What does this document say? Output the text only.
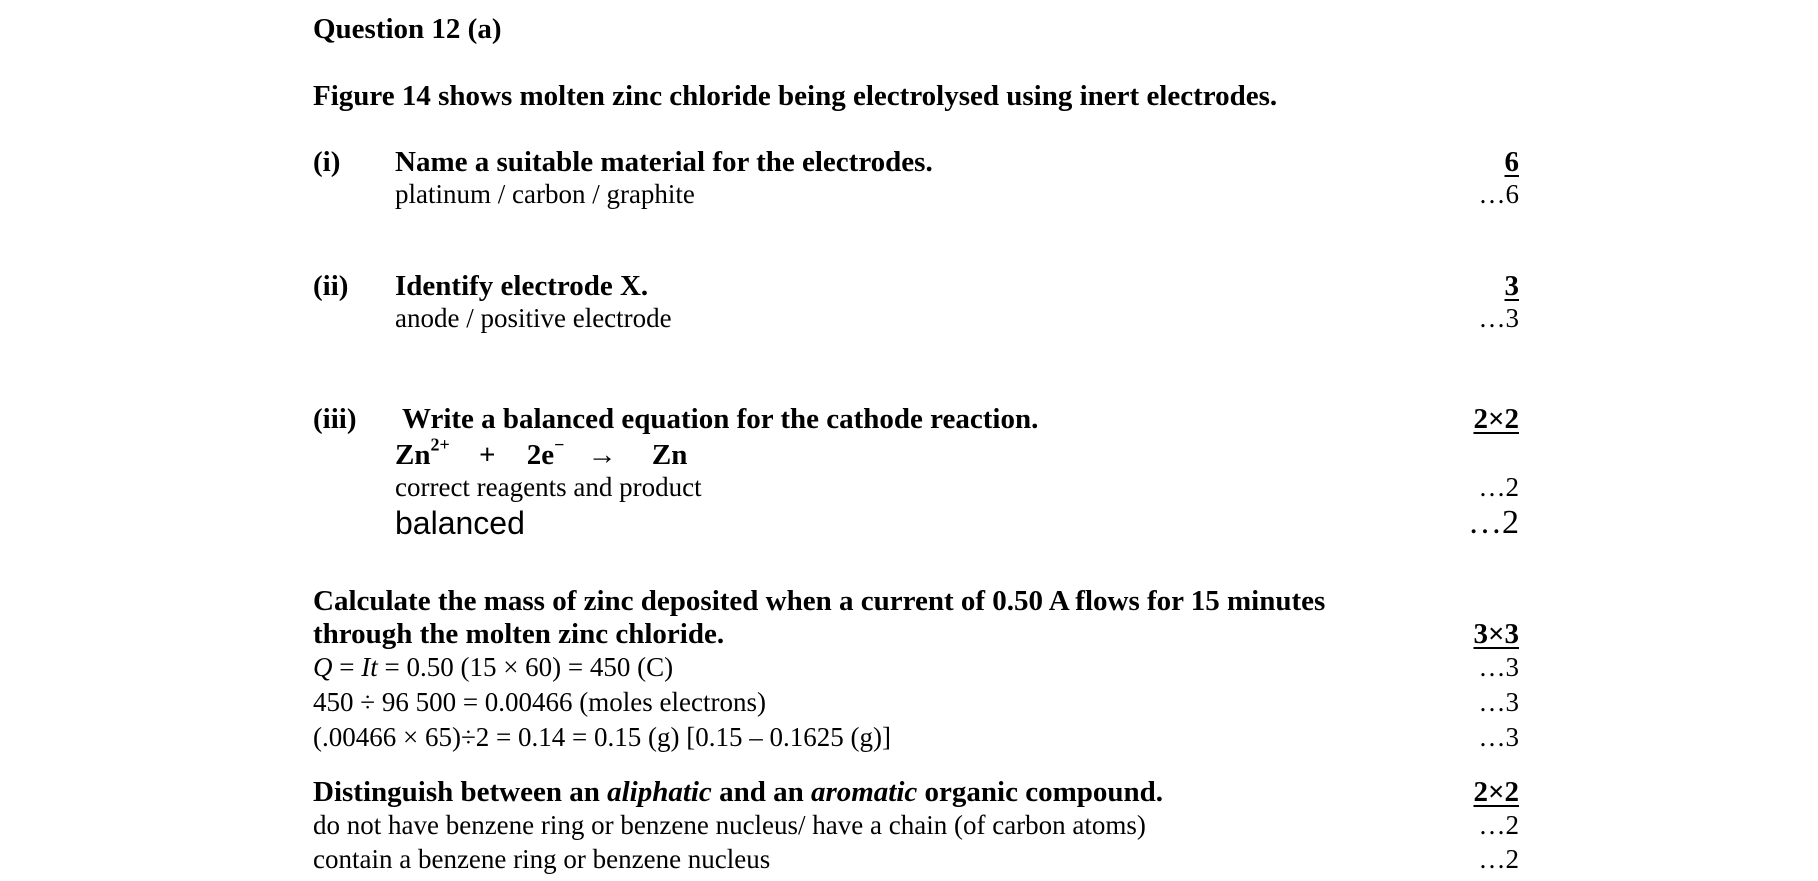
Question 12 (a)
Figure 14 shows molten zinc chloride being electrolysed using inert electrodes.
(i) Name a suitable material for the electrodes.	6
platinum / carbon / graphite	…6
(ii) Identify electrode X.	3
anode / positive electrode	…3
(iii) Write a balanced equation for the cathode reaction.	2×2
$Zn^{2+} + 2e^- \to Zn$
correct reagents and product	…2
balanced	…2
Calculate the mass of zinc deposited when a current of 0.50 A flows for 15 minutes
through the molten zinc chloride.	3×3
Q = It = 0.50 (15 × 60) = 450 (C)	…3
450 ÷ 96 500 = 0.00466 (moles electrons)	…3
(.00466 × 65)÷2 = 0.14 = 0.15 (g) [0.15 – 0.1625 (g)]	…3
Distinguish between an aliphatic and an aromatic organic compound.	2×2
do not have benzene ring or benzene nucleus/ have a chain (of carbon atoms)	…2
contain a benzene ring or benzene nucleus	…2
